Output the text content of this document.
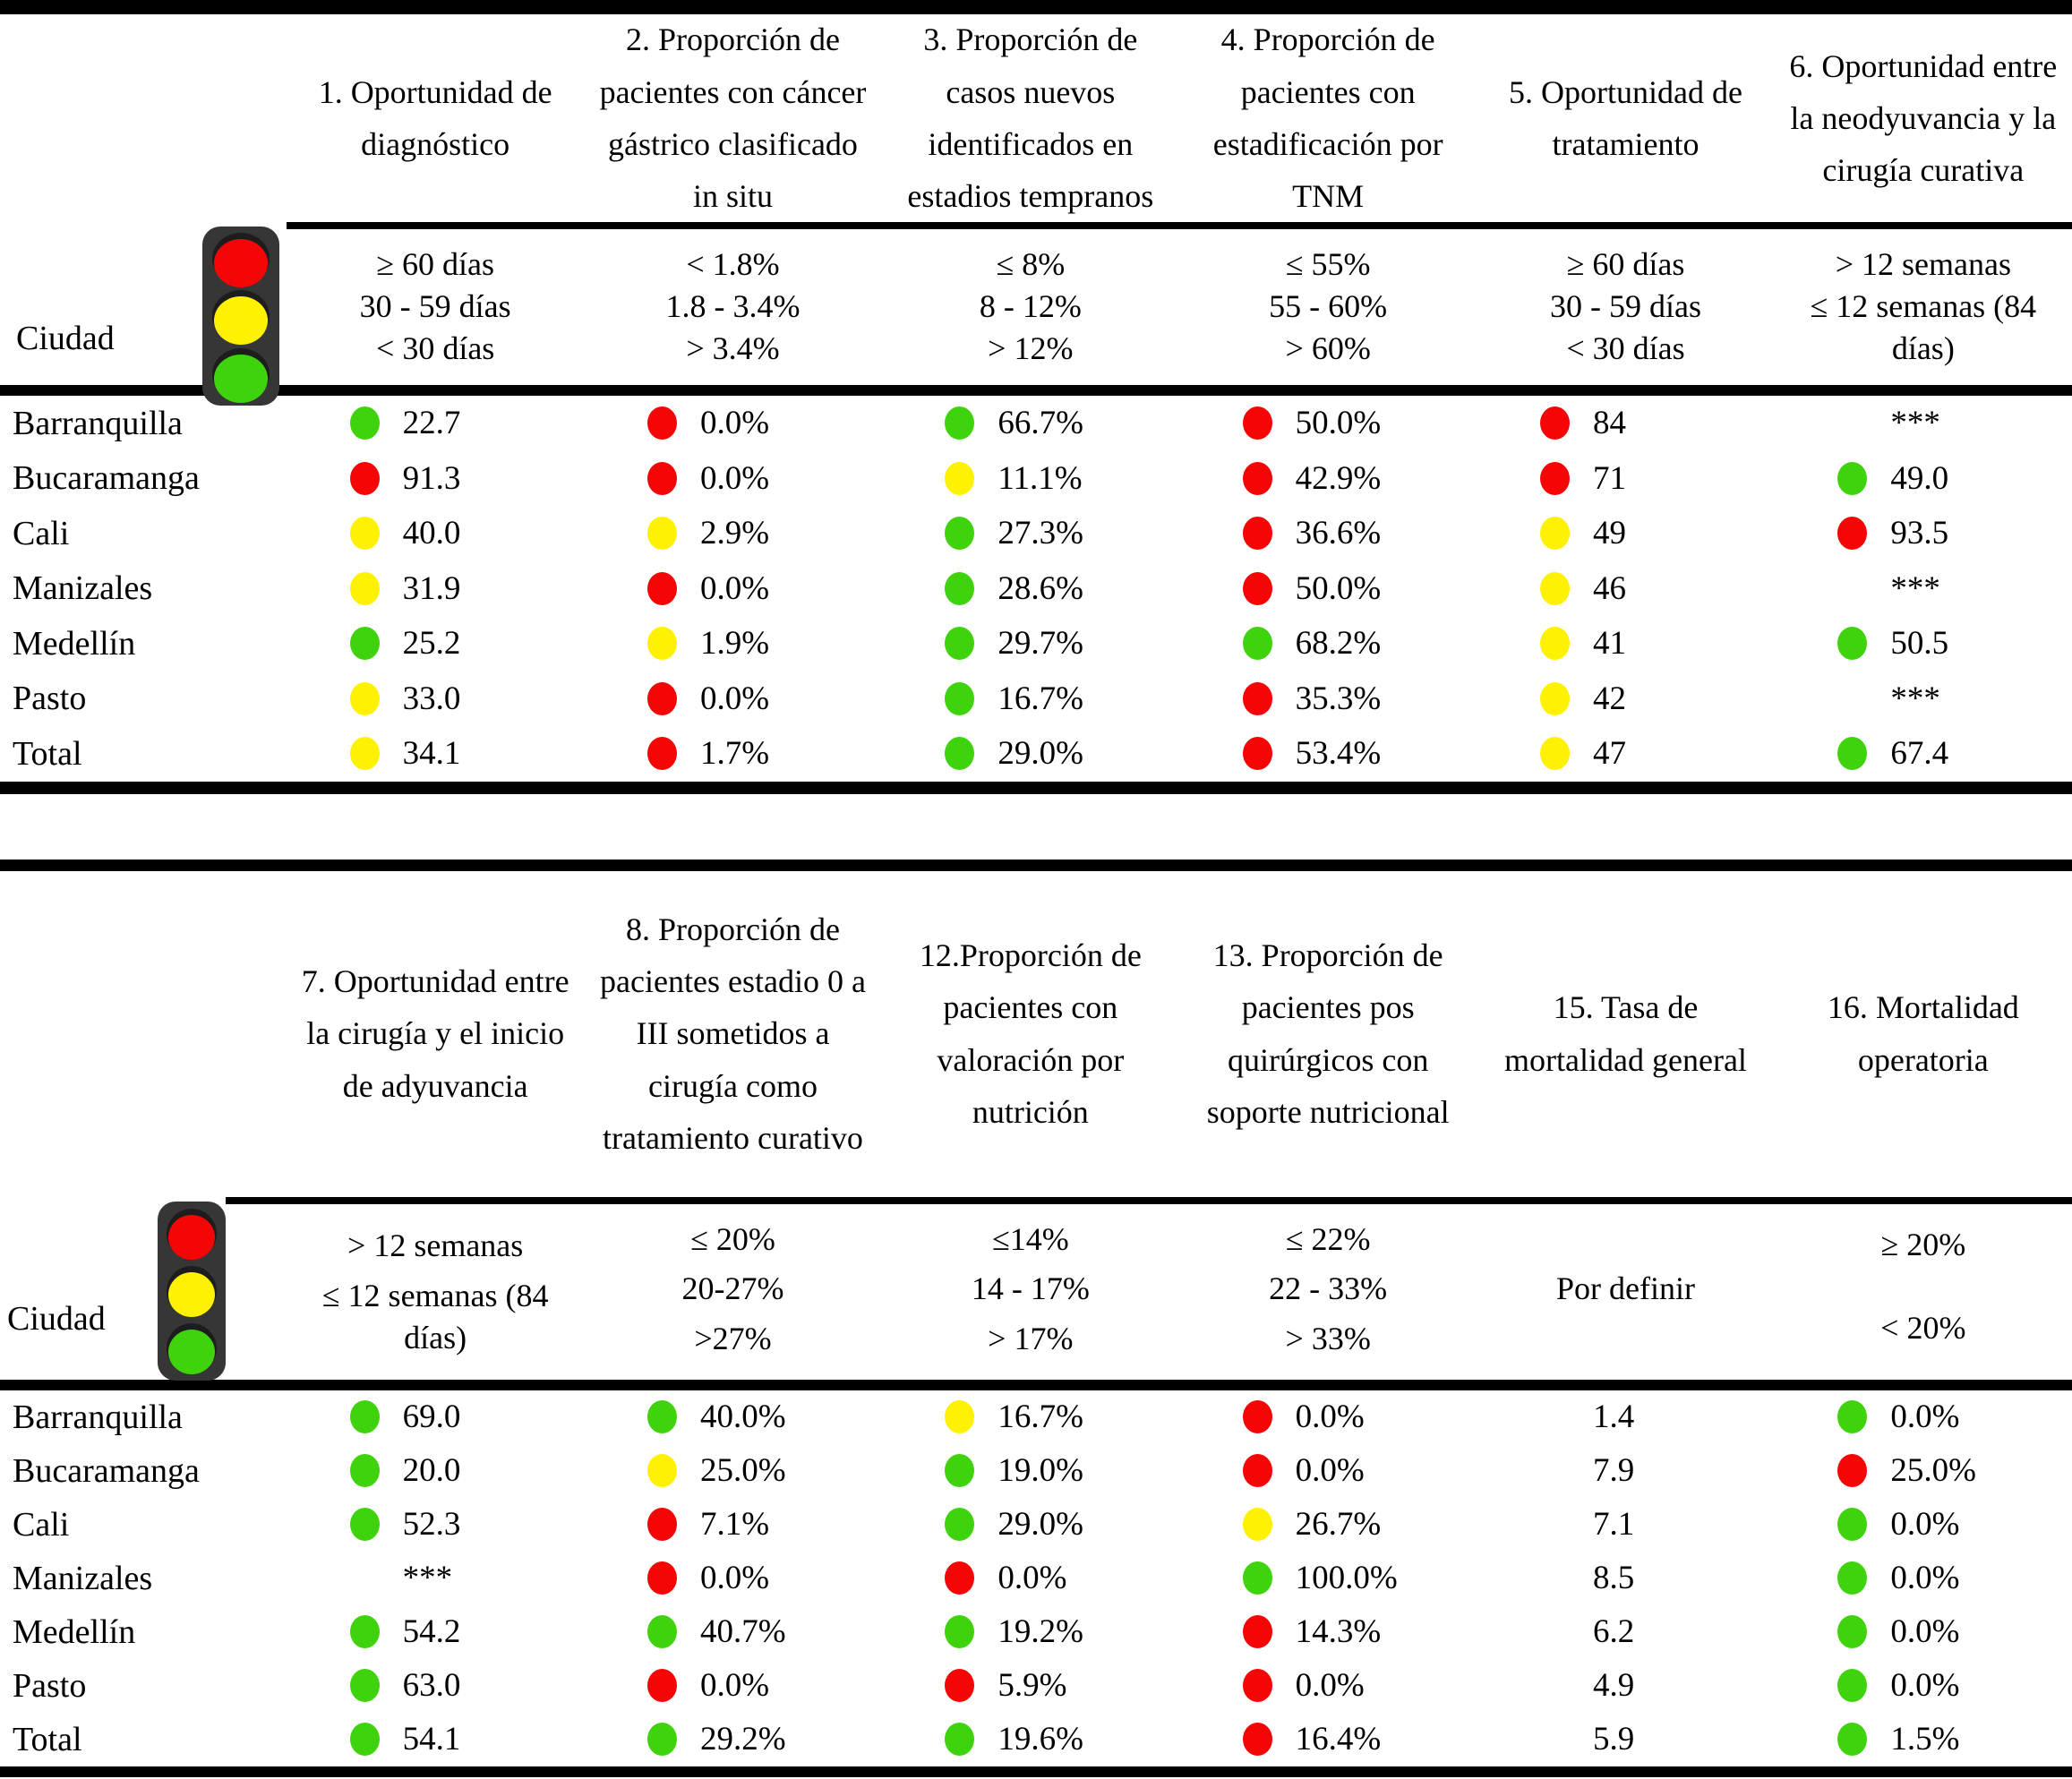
Ciudad
1. Oportunidad de diagnóstico
2. Proporción de pacientes con cáncer gástrico clasificado in situ
3. Proporción de casos nuevos identificados en estadios tempranos
4. Proporción de pacientes con estadificación por TNM
5. Oportunidad de tratamiento
6. Oportunidad entre la neodyuvancia y la cirugía curativa
≥ 60 días
30 - 59 días
< 30 días
< 1.8%
1.8 - 3.4%
> 3.4%
≤ 8%
8 - 12%
> 12%
≤ 55%
55 - 60%
> 60%
≥ 60 días
30 - 59 días
< 30 días
> 12 semanas
≤ 12 semanas (84 días)
Barranquilla	22.7	0.0%	66.7%	50.0%	84	***
Bucaramanga	91.3	0.0%	11.1%	42.9%	71	49.0
Cali	40.0	2.9%	27.3%	36.6%	49	93.5
Manizales	31.9	0.0%	28.6%	50.0%	46	***
Medellín	25.2	1.9%	29.7%	68.2%	41	50.5
Pasto	33.0	0.0%	16.7%	35.3%	42	***
Total	34.1	1.7%	29.0%	53.4%	47	67.4
Ciudad
7. Oportunidad entre la cirugía y el inicio de adyuvancia
8. Proporción de pacientes estadio 0 a III sometidos a cirugía como tratamiento curativo
12.Proporción de pacientes con valoración por nutrición
13. Proporción de pacientes pos quirúrgicos con soporte nutricional
15. Tasa de mortalidad general
16. Mortalidad operatoria
> 12 semanas
≤ 12 semanas (84 días)
≤ 20%
20-27%
>27%
≤14%
14 - 17%
> 17%
≤ 22%
22 - 33%
> 33%
Por definir
≥ 20%
< 20%
Barranquilla	69.0	40.0%	16.7%	0.0%	1.4	0.0%
Bucaramanga	20.0	25.0%	19.0%	0.0%	7.9	25.0%
Cali	52.3	7.1%	29.0%	26.7%	7.1	0.0%
Manizales	***	0.0%	0.0%	100.0%	8.5	0.0%
Medellín	54.2	40.7%	19.2%	14.3%	6.2	0.0%
Pasto	63.0	0.0%	5.9%	0.0%	4.9	0.0%
Total	54.1	29.2%	19.6%	16.4%	5.9	1.5%
